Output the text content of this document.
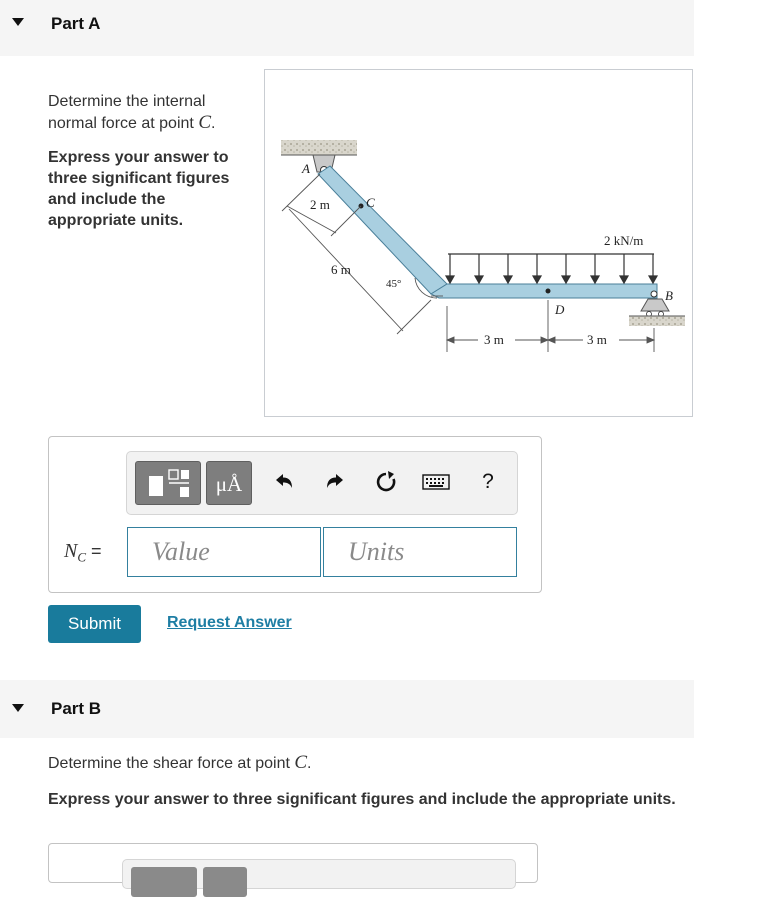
Part A
Determine the internal normal force at point C.
Express your answer to three significant figures and include the appropriate units.
A
C
D
B
2 m
6 m
45°
2 kN/m
3 m	3 m
μÅ	?
$N_C$ =	Value	Units
Submit	Request Answer
Part B
Determine the shear force at point C.
Express your answer to three significant figures and include the appropriate units.
